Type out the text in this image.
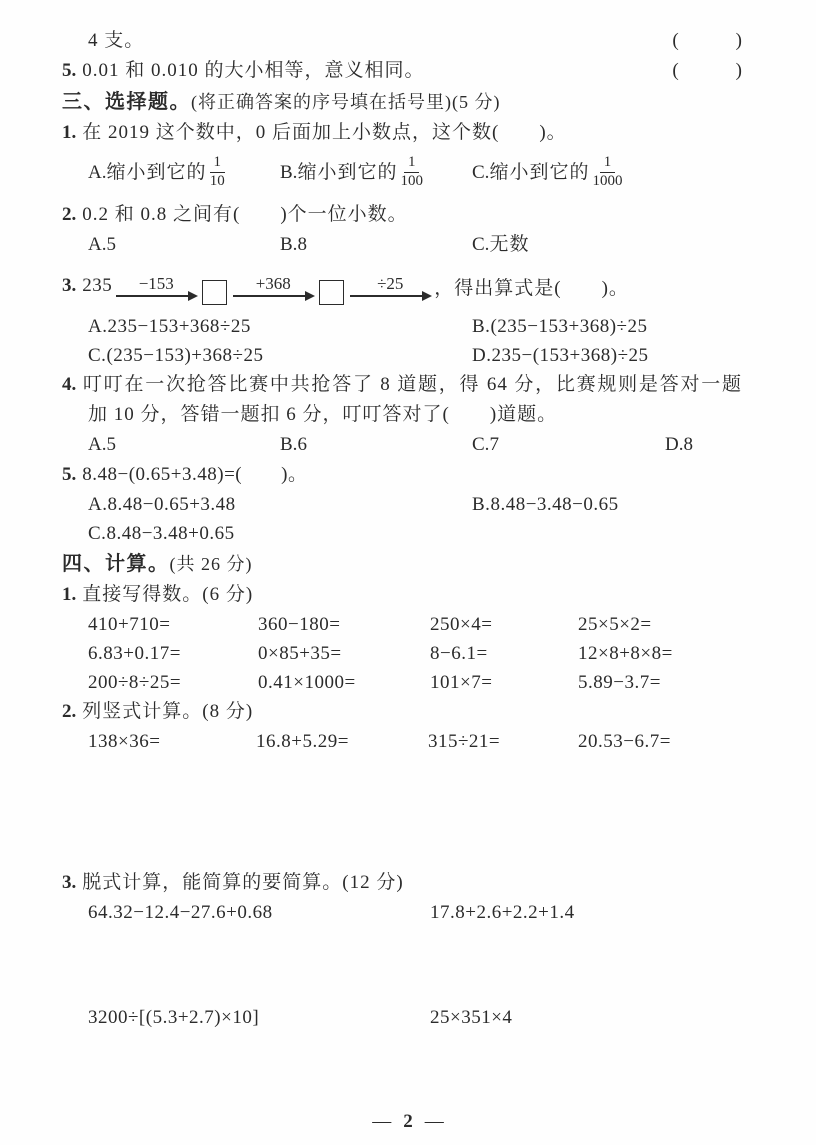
4 支。	(　　　)
5. 0.01 和 0.010 的大小相等，意义相同。	(　　　)
三、选择题。(将正确答案的序号填在括号里)(5 分)
1. 在 2019 这个数中，0 后面加上小数点，这个数(　　)。
A.缩小到它的 $\frac{1}{10}$	B.缩小到它的 $\frac{1}{100}$	C.缩小到它的 $\frac{1}{1000}$
2. 0.2 和 0.8 之间有(　　)个一位小数。
A.5	B.8	C.无数
3. 235 −153	+368	÷25 ，得出算式是(　　)。
A.235−153+368÷25	B.(235−153+368)÷25
C.(235−153)+368÷25	D.235−(153+368)÷25
4. 叮叮在一次抢答比赛中共抢答了 8 道题，得 64 分，比赛规则是答对一题
加 10 分，答错一题扣 6 分，叮叮答对了(　　)道题。
A.5	B.6	C.7	D.8
5. 8.48−(0.65+3.48)=(　　)。
A.8.48−0.65+3.48	B.8.48−3.48−0.65
C.8.48−3.48+0.65
四、计算。(共 26 分)
1. 直接写得数。(6 分)
410+710=	360−180=	250×4=	25×5×2=
6.83+0.17=	0×85+35=	8−6.1=	12×8+8×8=
200÷8÷25=	0.41×1000=	101×7=	5.89−3.7=
2. 列竖式计算。(8 分)
138×36=	16.8+5.29=	315÷21=	20.53−6.7=
3. 脱式计算，能简算的要简算。(12 分)
64.32−12.4−27.6+0.68	17.8+2.6+2.2+1.4
3200÷[(5.3+2.7)×10]	25×351×4
— 2 —
